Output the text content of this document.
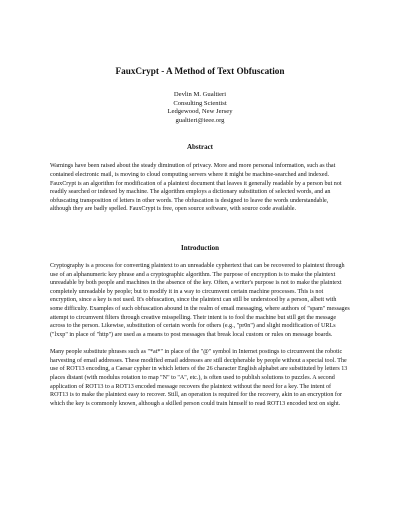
FauxCrypt - A Method of Text Obfuscation
Devlin M. Gualtieri
Consulting Scientist
Ledgewood, New Jersey
gualtieri@ieee.org
Abstract
Warnings have been raised about the steady diminution of privacy. More and more personal information, such as that contained electronic mail, is moving to cloud computing servers where it might be machine-searched and indexed. FauxCrypt is an algorithm for modification of a plaintext document that leaves it generally readable by a person but not readily searched or indexed by machine. The algorithm employs a dictionary substitution of selected words, and an obfuscating transposition of letters in other words. The obfuscation is designed to leave the words understandable, although they are badly spelled. FauxCrypt is free, open source software, with source code available.
Introduction
Cryptography is a process for converting plaintext to an unreadable cyphertext that can be recovered to plaintext through use of an alphanumeric key phrase and a cryptographic algorithm. The purpose of encryption is to make the plaintext unreadable by both people and machines in the absence of the key. Often, a writer's purpose is not to make the plaintext completely unreadable by people; but to modify it in a way to circumvent certain machine processes. This is not encryption, since a key is not used. It's obfuscation, since the plaintext can still be understood by a person, albeit with some difficulty. Examples of such obfuscation abound in the realm of email messaging, where authors of "spam" messages attempt to circumvent filters through creative misspelling. Their intent is to fool the machine but still get the message across to the person. Likewise, substitution of certain words for others (e.g., "pr0n") and slight modification of URLs ("lxxp" in place of "http") are used as a means to post messages that break local custom or rules on message boards.
Many people substitute phrases such as "*at*" in place of the "@" symbol in Internet postings to circumvent the robotic harvesting of email addresses. These modified email addresses are still decipherable by people without a special tool. The use of ROT13 encoding, a Caesar cypher in which letters of the 26 character English alphabet are substituted by letters 13 places distant (with modulus rotation to map "N" to "A", etc.), is often used to publish solutions to puzzles. A second application of ROT13 to a ROT13 encoded message recovers the plaintext without the need for a key. The intent of ROT13 is to make the plaintext easy to recover. Still, an operation is required for the recovery, akin to an encryption for which the key is commonly known, although a skilled person could train himself to read ROT13 encoded text on sight.
